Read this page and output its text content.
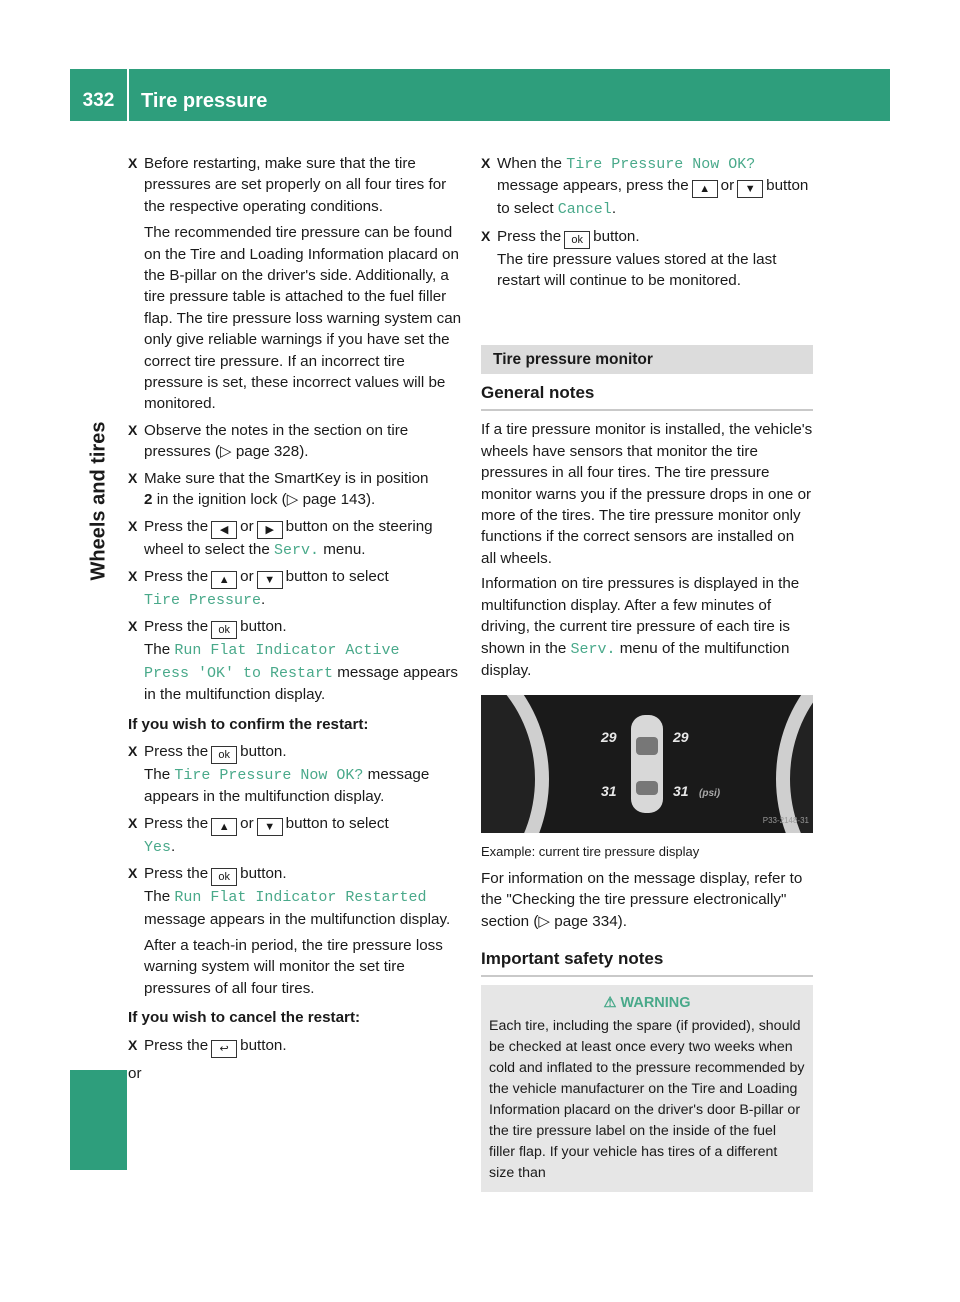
332	Tire pressure
Wheels and tires

X Before restarting, make sure that the tire pressures are set properly on all four tires for the respective operating conditions.

The recommended tire pressure can be found on the Tire and Loading Information placard on the B-pillar on the driver's side. Additionally, a tire pressure table is attached to the fuel filler flap. The tire pressure loss warning system can only give reliable warnings if you have set the correct tire pressure. If an incorrect tire pressure is set, these incorrect values will be monitored.

X Observe the notes in the section on tire pressures (▷ page 328).

X Make sure that the SmartKey is in position
2 in the ignition lock (▷ page 143).

X Press the ◀ or ▶ button on the steering wheel to select the Serv. menu.

X Press the ▲ or ▼ button to select
Tire Pressure.

X Press the ok button.
The Run Flat Indicator Active
Press 'OK' to Restart message appears in the multifunction display.

If you wish to confirm the restart:

X Press the ok button.
The Tire Pressure Now OK? message appears in the multifunction display.

X Press the ▲ or ▼ button to select
Yes.

X Press the ok button.
The Run Flat Indicator Restarted message appears in the multifunction display.

After a teach-in period, the tire pressure loss warning system will monitor the set tire pressures of all four tires.

If you wish to cancel the restart:

X Press the ↩ button.

or

X When the Tire Pressure Now OK? message appears, press the ▲ or ▼ button to select Cancel.

X Press the ok button.

The tire pressure values stored at the last restart will continue to be monitored.

Tire pressure monitor
General notes

If a tire pressure monitor is installed, the vehicle's wheels have sensors that monitor the tire pressures in all four tires. The tire pressure monitor warns you if the pressure drops in one or more of the tires. The tire pressure monitor only functions if the correct sensors are installed on all wheels.

Information on tire pressures is displayed in the multifunction display. After a few minutes of driving, the current tire pressure of each tire is shown in the Serv. menu of the multifunction display.

29	29
31	31 (psi)
P33-2148-31

Example: current tire pressure display

For information on the message display, refer to the "Checking the tire pressure electronically" section (▷ page 334).

Important safety notes
⚠ WARNING

Each tire, including the spare (if provided), should be checked at least once every two weeks when cold and inflated to the pressure recommended by the vehicle manufacturer on the Tire and Loading Information placard on the driver's door B-pillar or the tire pressure label on the inside of the fuel filler flap. If your vehicle has tires of a different size than
